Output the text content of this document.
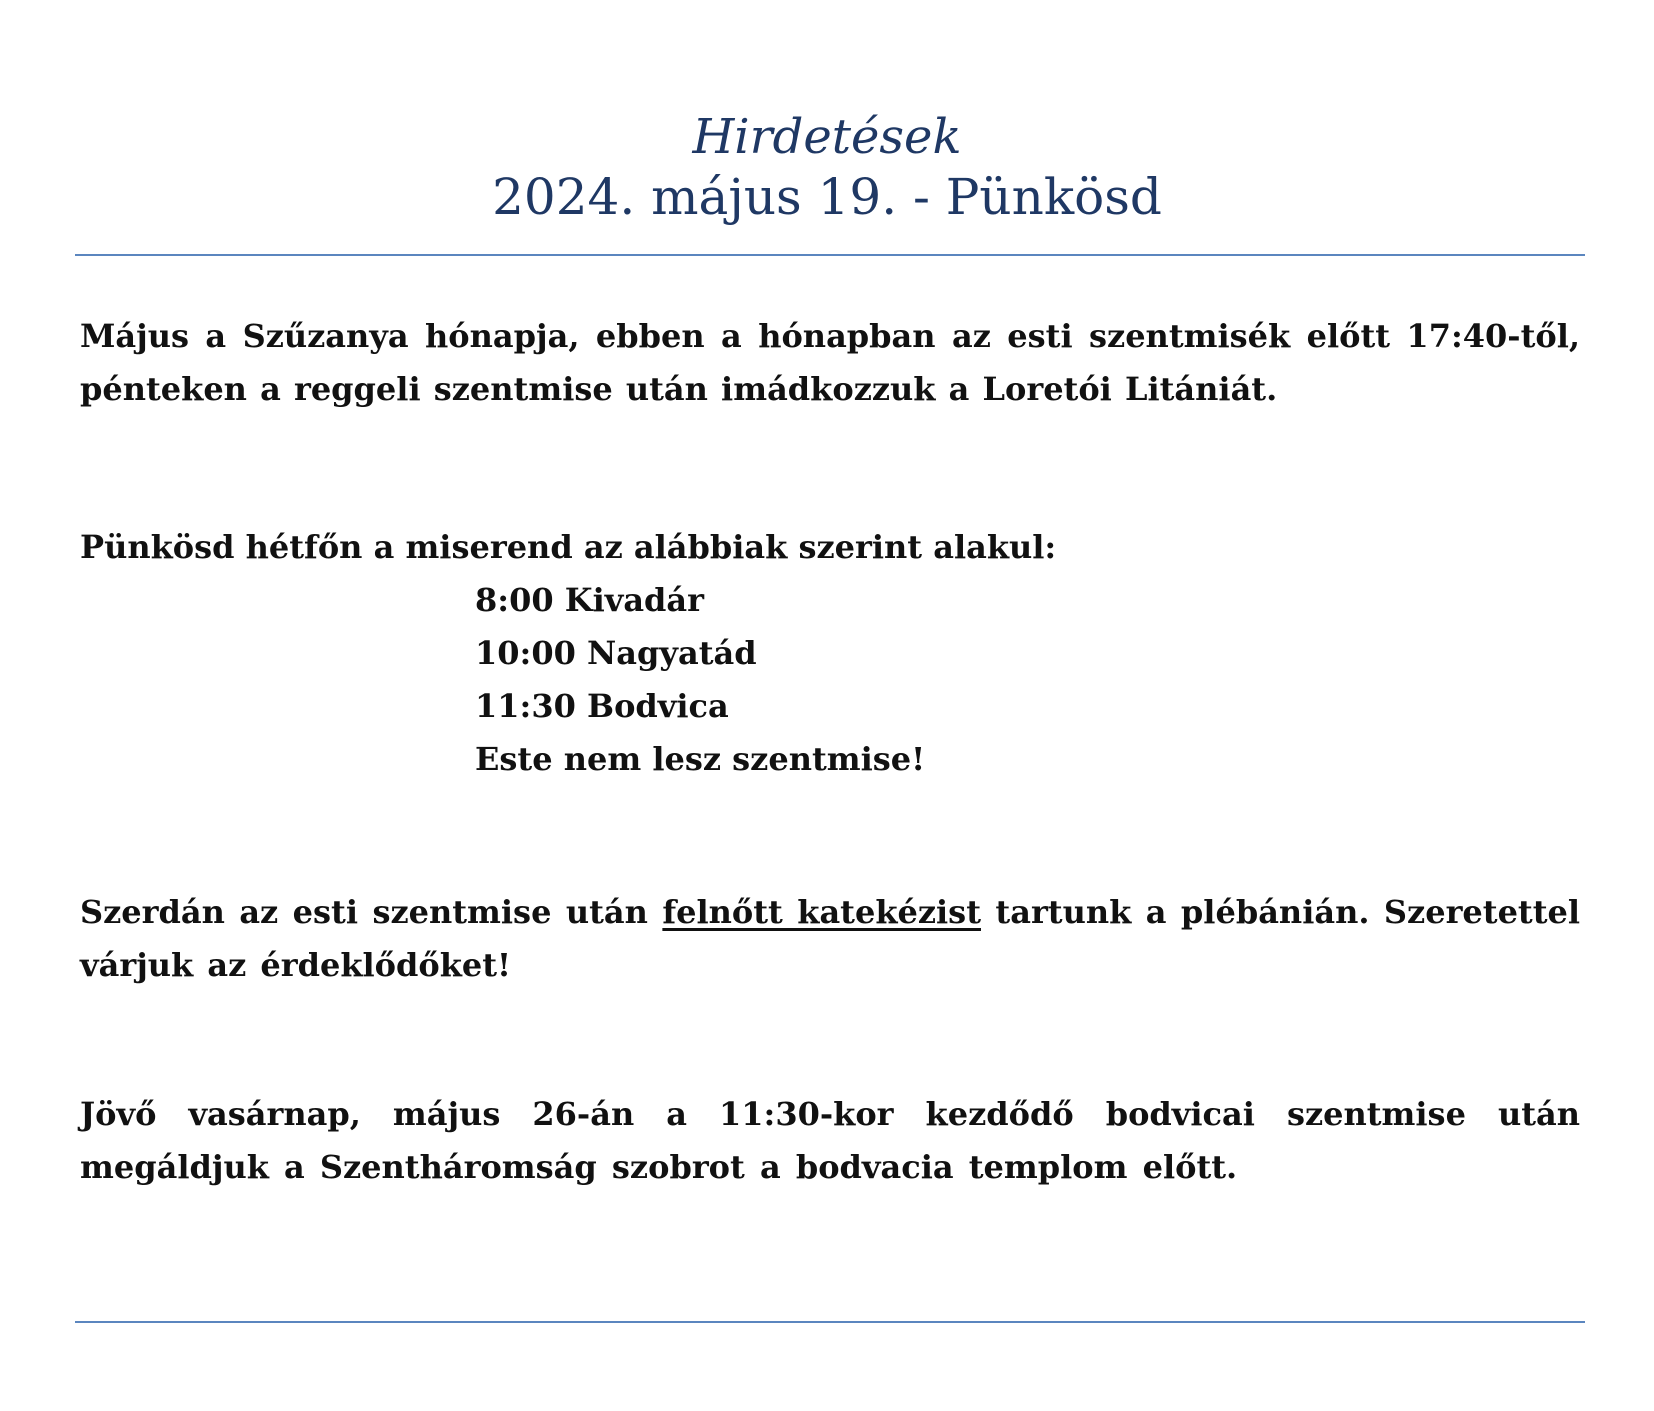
Hirdetések
2024. május 19. - Pünkösd
Május a Szűzanya hónapja, ebben a hónapban az esti szentmisék előtt 17:40-től,
pénteken a reggeli szentmise után imádkozzuk a Loretói Litániát.
Pünkösd hétfőn a miserend az alábbiak szerint alakul:
8:00 Kivadár
10:00 Nagyatád
11:30 Bodvica
Este nem lesz szentmise!
Szerdán az esti szentmise után felnőtt katekézist tartunk a plébánián. Szeretettel
várjuk az érdeklődőket!
Jövő vasárnap, május 26-án a 11:30-kor kezdődő bodvicai szentmise után
megáldjuk a Szentháromság szobrot a bodvacia templom előtt.
